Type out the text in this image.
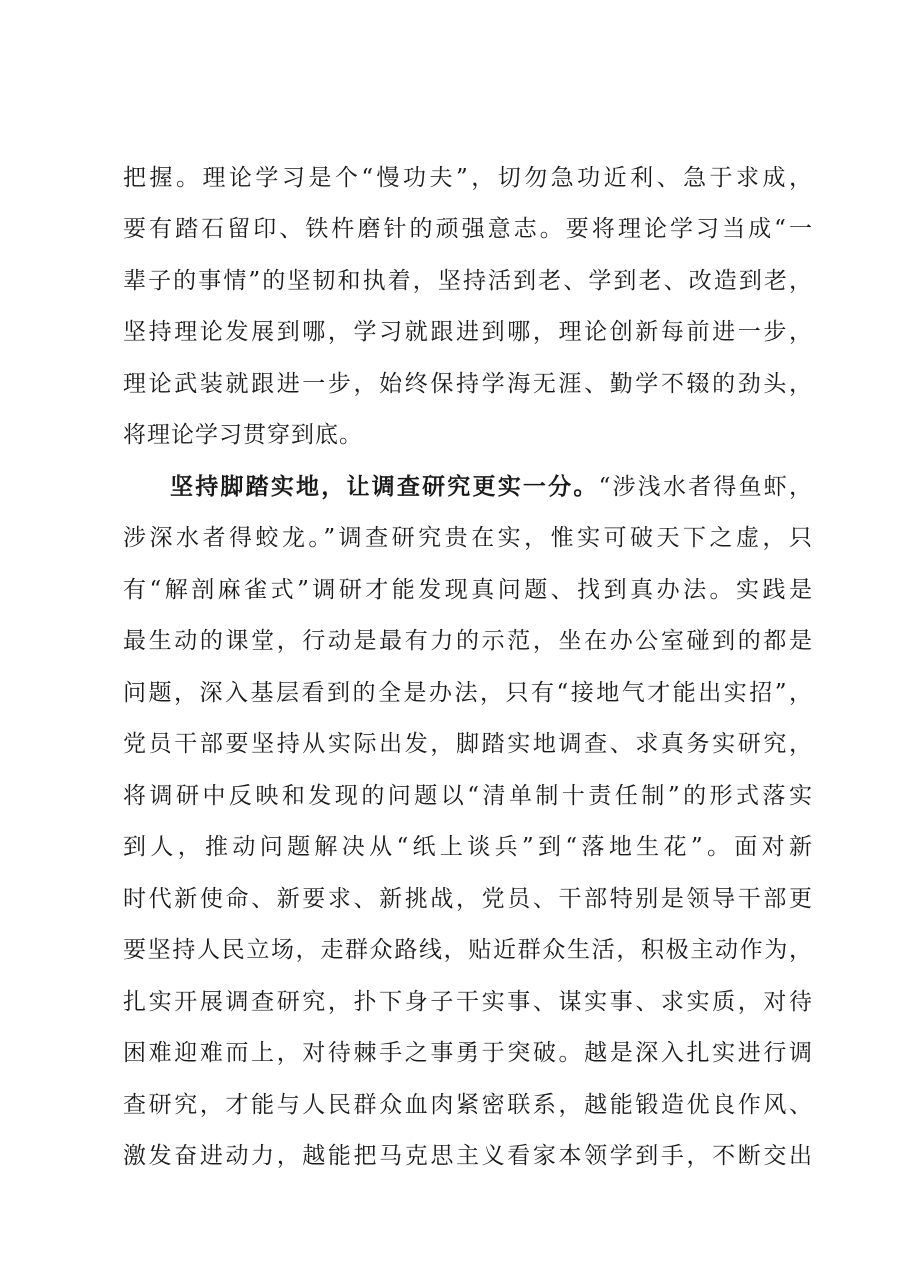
把握。理论学习是个“慢功夫”，切勿急功近利、急于求成，
要有踏石留印、铁杵磨针的顽强意志。要将理论学习当成“一
辈子的事情”的坚韧和执着，坚持活到老、学到老、改造到老，
坚持理论发展到哪，学习就跟进到哪，理论创新每前进一步，
理论武装就跟进一步，始终保持学海无涯、勤学不辍的劲头，
将理论学习贯穿到底。
坚持脚踏实地，让调查研究更实一分。“涉浅水者得鱼虾，
涉深水者得蛟龙。”调查研究贵在实，惟实可破天下之虚，只
有“解剖麻雀式”调研才能发现真问题、找到真办法。实践是
最生动的课堂，行动是最有力的示范，坐在办公室碰到的都是
问题，深入基层看到的全是办法，只有“接地气才能出实招”，
党员干部要坚持从实际出发，脚踏实地调查、求真务实研究，
将调研中反映和发现的问题以“清单制十责任制”的形式落实
到人，推动问题解决从“纸上谈兵”到“落地生花”。面对新
时代新使命、新要求、新挑战，党员、干部特别是领导干部更
要坚持人民立场，走群众路线，贴近群众生活，积极主动作为，
扎实开展调查研究，扑下身子干实事、谋实事、求实质，对待
困难迎难而上，对待棘手之事勇于突破。越是深入扎实进行调
查研究，才能与人民群众血肉紧密联系，越能锻造优良作风、
激发奋进动力，越能把马克思主义看家本领学到手，不断交出
